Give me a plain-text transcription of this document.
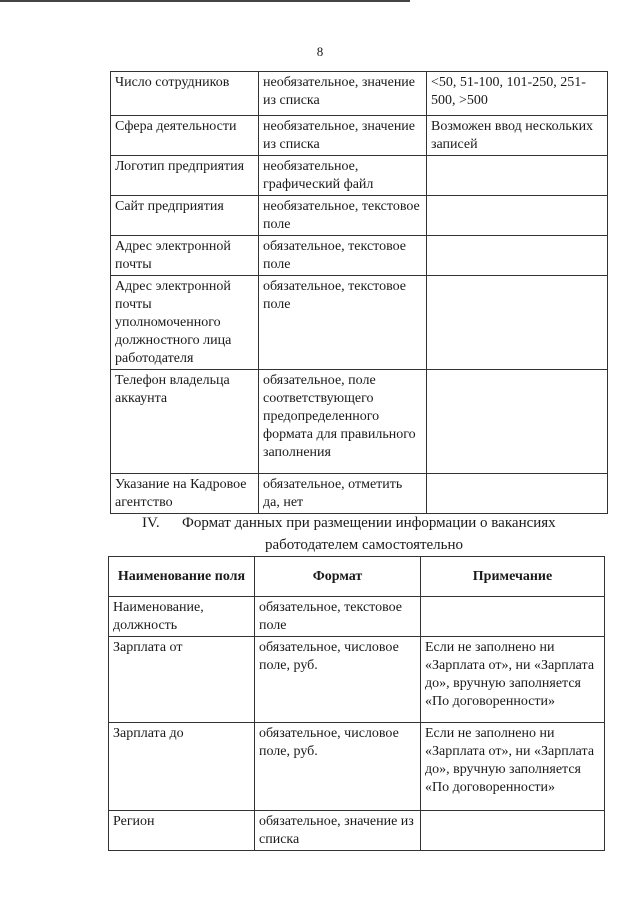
8
Число сотрудников	необязательное, значение из списка	<50, 51-100, 101-250, 251-500, >500
Сфера деятельности	необязательное, значение из списка	Возможен ввод нескольких записей
Логотип предприятия	необязательное, графический файл	
Сайт предприятия	необязательное, текстовое поле	
Адрес электронной почты	обязательное, текстовое поле	
Адрес электронной почты уполномоченного должностного лица работодателя	обязательное, текстовое поле	
Телефон владельца аккаунта	обязательное, поле соответствующего предопределенного формата для правильного заполнения	
Указание на Кадровое агентство	обязательное, отметить да, нет	
IV. Формат данных при размещении информации о вакансиях
работодателем самостоятельно
Наименование поля	Формат	Примечание
Наименование, должность	обязательное, текстовое поле	
Зарплата от	обязательное, числовое поле, руб.	Если не заполнено ни «Зарплата от», ни «Зарплата до», вручную заполняется «По договоренности»
Зарплата до	обязательное, числовое поле, руб.	Если не заполнено ни «Зарплата от», ни «Зарплата до», вручную заполняется «По договоренности»
Регион	обязательное, значение из списка	
